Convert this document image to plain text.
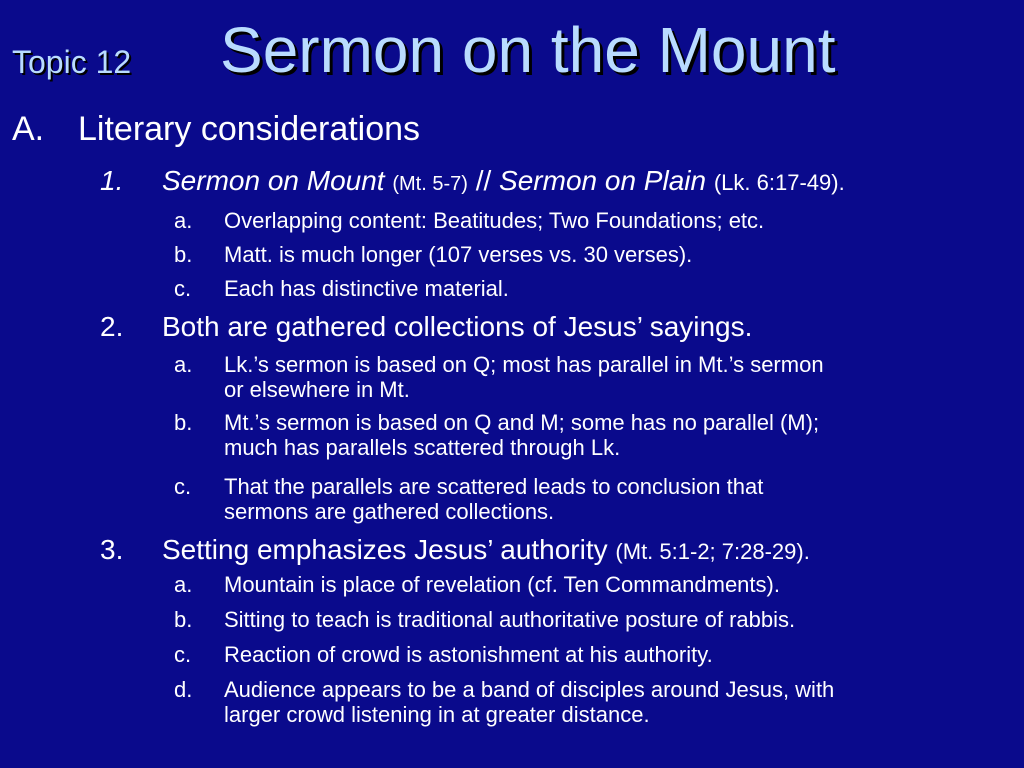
Topic 12 Sermon on the Mount
A. Literary considerations
1. Sermon on Mount (Mt. 5-7) // Sermon on Plain (Lk. 6:17-49).
a. Overlapping content: Beatitudes; Two Foundations; etc.
b. Matt. is much longer (107 verses vs. 30 verses).
c. Each has distinctive material.
2. Both are gathered collections of Jesus’ sayings.
a. Lk.’s sermon is based on Q; most has parallel in Mt.’s sermon
or elsewhere in Mt.
b. Mt.’s sermon is based on Q and M; some has no parallel (M);
much has parallels scattered through Lk.
c. That the parallels are scattered leads to conclusion that
sermons are gathered collections.
3. Setting emphasizes Jesus’ authority (Mt. 5:1-2; 7:28-29).
a. Mountain is place of revelation (cf. Ten Commandments).
b. Sitting to teach is traditional authoritative posture of rabbis.
c. Reaction of crowd is astonishment at his authority.
d. Audience appears to be a band of disciples around Jesus, with
larger crowd listening in at greater distance.
